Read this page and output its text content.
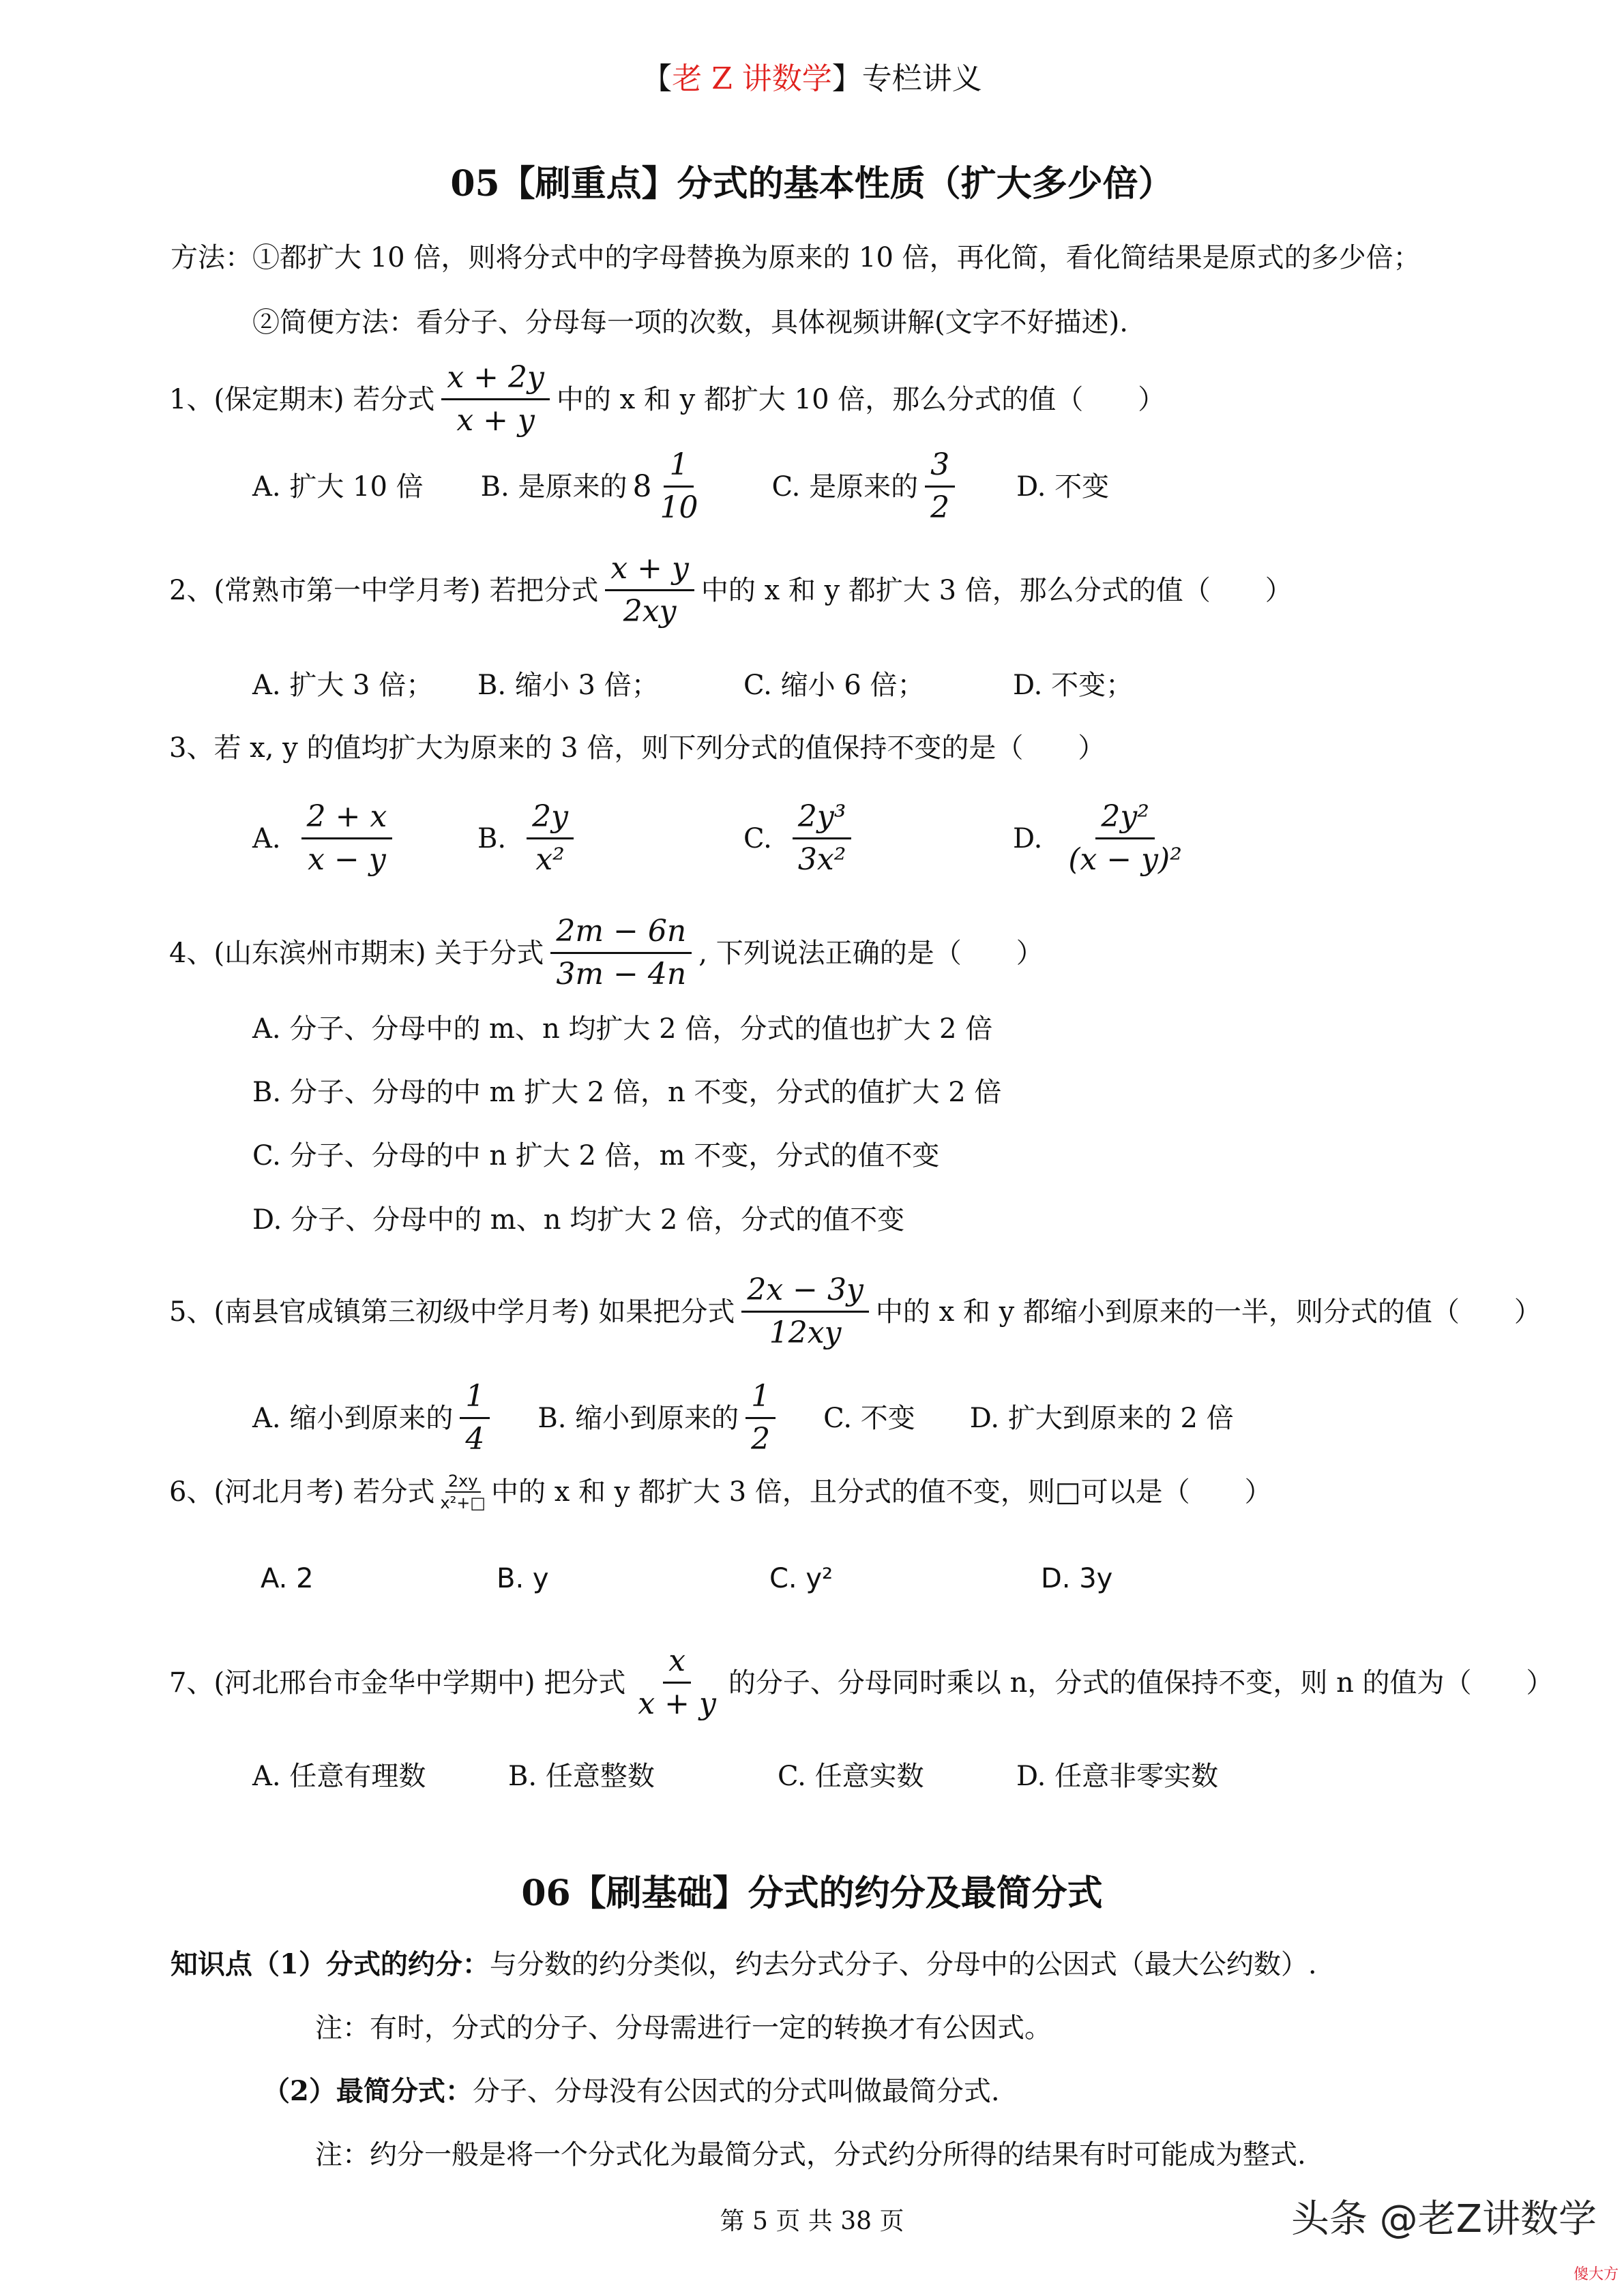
【老 Z 讲数学】专栏讲义
05【刷重点】分式的基本性质（扩大多少倍）
方法：①都扩大 10 倍，则将分式中的字母替换为原来的 10 倍，再化简，看化简结果是原式的多少倍；
②简便方法：看分子、分母每一项的次数，具体视频讲解(文字不好描述).
1、(保定期末) 若分式 $\frac{x + 2y}{x + y}$ 中的 x 和 y 都扩大 10 倍，那么分式的值（　　）
A. 扩大 10 倍 B. 是原来的 $8 \frac{1}{10}$	C. 是原来的 $\frac{3}{2} D$. 不变
2、(常熟市第一中学月考) 若把分式 $\frac{x + y}{2xy}$ 中的 x 和 y 都扩大 3 倍，那么分式的值（　　）
A. 扩大 3 倍； B. 缩小 3 倍；	C. 缩小 6 倍；	D. 不变；
3、若 x, y 的值均扩大为原来的 3 倍，则下列分式的值保持不变的是（　　）
A. $\frac{2 + x}{x - y}$	B. $\frac{2y}{\text{x²}}$	C. $\frac{\text{2y³}}{\text{3x²}}$	D. $\frac{\text{2y²}}{\text{(x − y)²}}$
4、(山东滨州市期末) 关于分式 $\frac{2m - 6n}{3m - 4n}$ , 下列说法正确的是（　　）
A. 分子、分母中的 m、n 均扩大 2 倍，分式的值也扩大 2 倍
B. 分子、分母的中 m 扩大 2 倍，n 不变，分式的值扩大 2 倍
C. 分子、分母的中 n 扩大 2 倍，m 不变，分式的值不变
D. 分子、分母中的 m、n 均扩大 2 倍，分式的值不变
5、(南县官成镇第三初级中学月考) 如果把分式 $\frac{2x - 3y}{12xy}$ 中的 x 和 y 都缩小到原来的一半，则分式的值（　　）
A. 缩小到原来的 $\frac{1}{4} B$. 缩小到原来的 $\frac{1}{2} C$. 不变 D. 扩大到原来的 2 倍
6、(河北月考) 若分式 $\frac{2xy}{\text{x²+□}}$ 中的 x 和 y 都扩大 3 倍，且分式的值不变，则□可以是（　　）
A. 2	B. y	C. y²	D. 3y
7、(河北邢台市金华中学期中) 把分式 $\frac{x}{x + y}$ 的分子、分母同时乘以 n，分式的值保持不变，则 n 的值为（　　）
A. 任意有理数	B. 任意整数	C. 任意实数	D. 任意非零实数
06【刷基础】分式的约分及最简分式
知识点（1）分式的约分：与分数的约分类似，约去分式分子、分母中的公因式（最大公约数）.
注：有时，分式的分子、分母需进行一定的转换才有公因式。
（2）最简分式：分子、分母没有公因式的分式叫做最简分式.
注：约分一般是将一个分式化为最简分式，分式约分所得的结果有时可能成为整式.
第 5 页 共 38 页	头条 @老Z讲数学
傻大方
